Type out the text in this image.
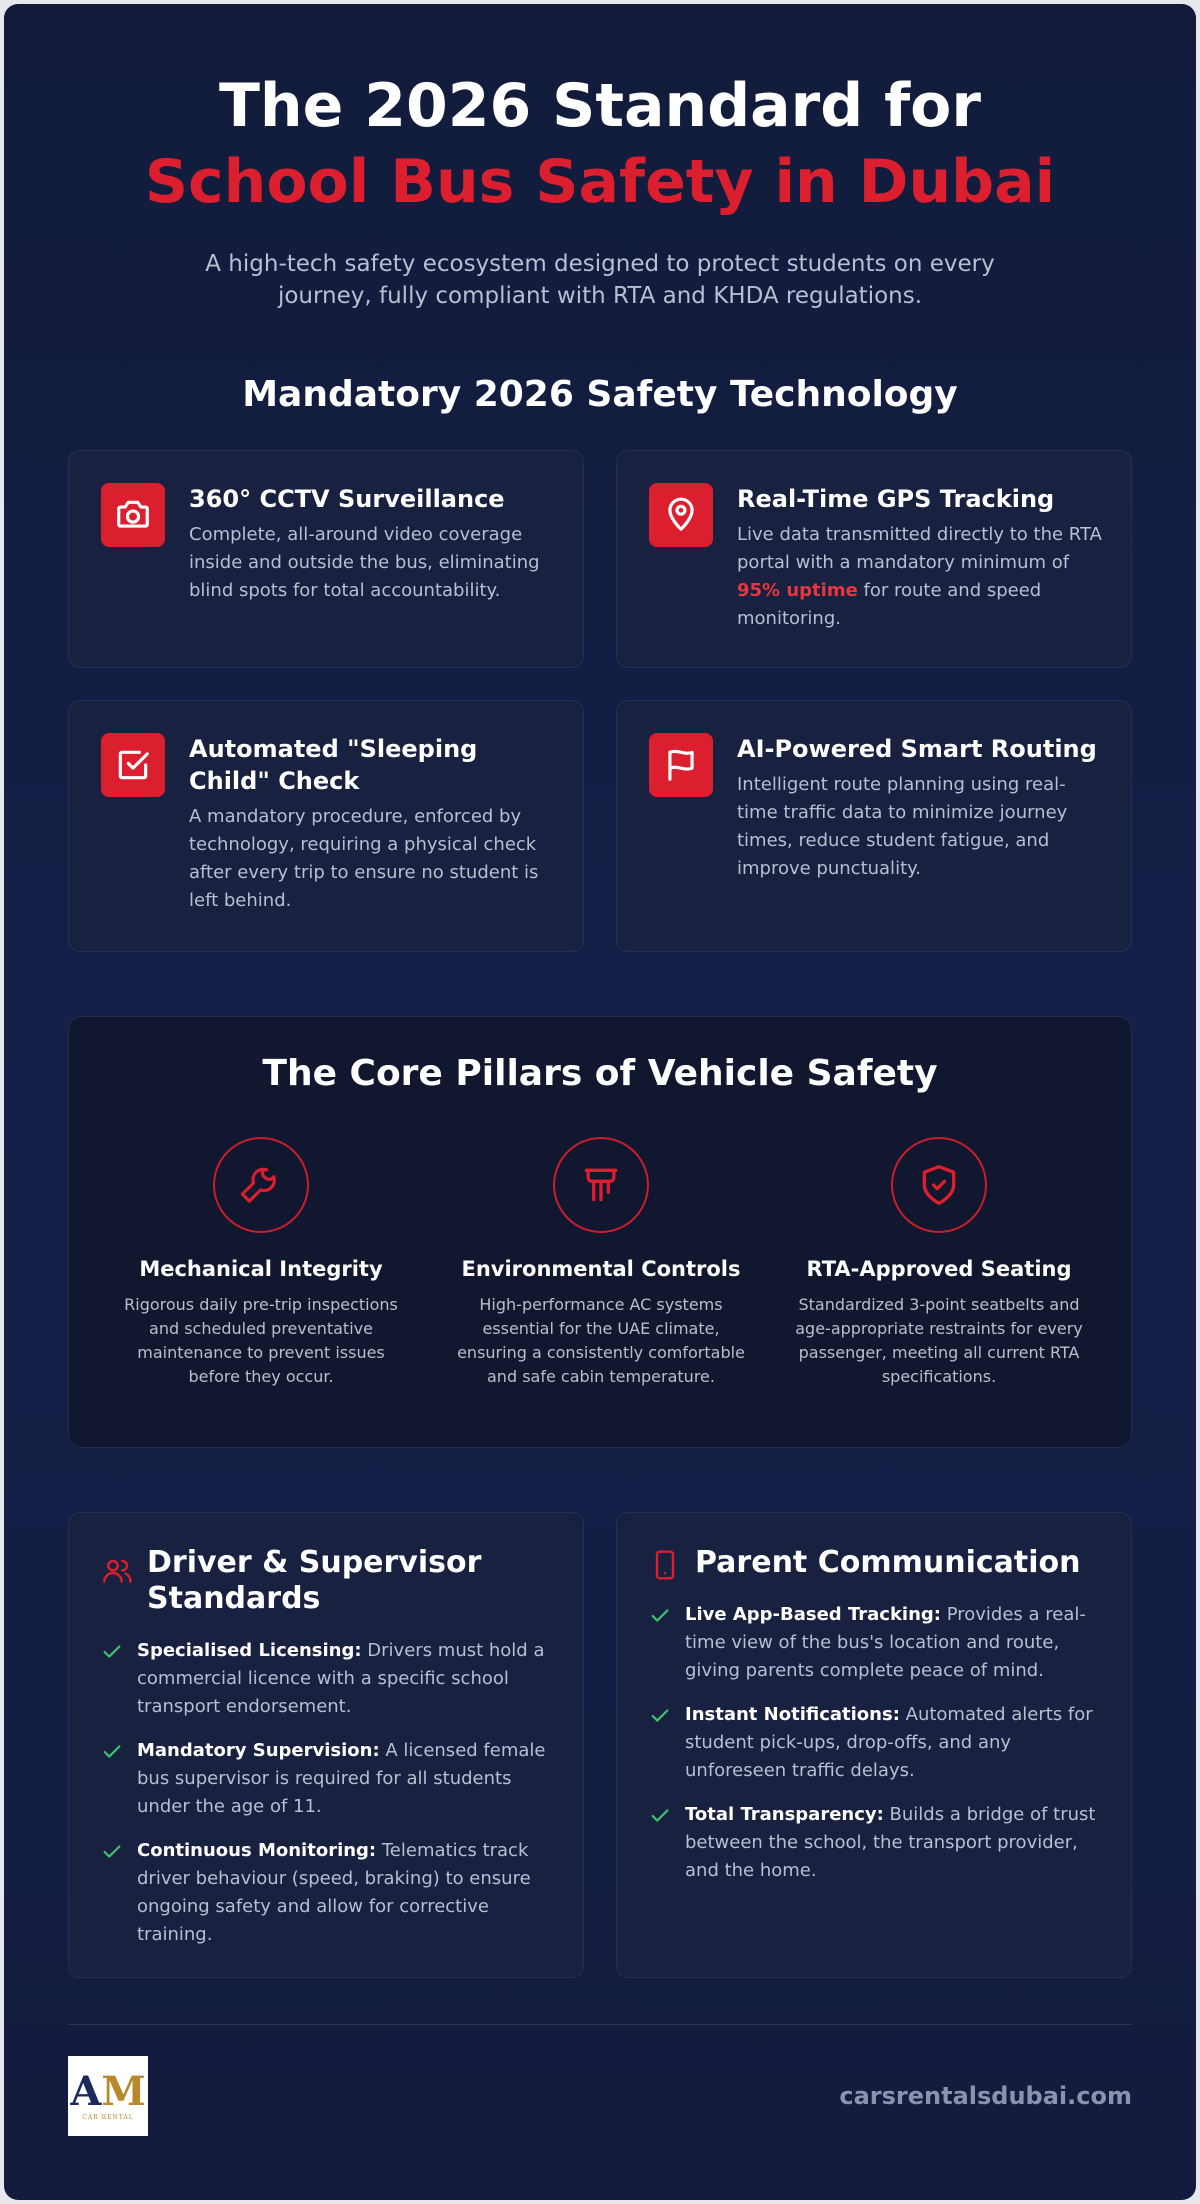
The 2026 Standard for
School Bus Safety in Dubai

A high-tech safety ecosystem designed to protect students on every journey, fully compliant with RTA and KHDA regulations.

Mandatory 2026 Safety Technology
360° CCTV Surveillance

Complete, all-around video coverage inside and outside the bus, eliminating blind spots for total accountability.

Real-Time GPS Tracking

Live data transmitted directly to the RTA portal with a mandatory minimum of 95% uptime for route and speed monitoring.

Automated "Sleeping Child" Check

A mandatory procedure, enforced by technology, requiring a physical check after every trip to ensure no student is left behind.

AI-Powered Smart Routing

Intelligent route planning using real-time traffic data to minimize journey times, reduce student fatigue, and improve punctuality.

The Core Pillars of Vehicle Safety
Mechanical Integrity

Rigorous daily pre-trip inspections and scheduled preventative maintenance to prevent issues before they occur.

Environmental Controls

High-performance AC systems essential for the UAE climate, ensuring a consistently comfortable and safe cabin temperature.

RTA-Approved Seating

Standardized 3-point seatbelts and age-appropriate restraints for every passenger, meeting all current RTA specifications.

Driver & Supervisor Standards
Specialised Licensing: Drivers must hold a commercial licence with a specific school transport endorsement.
Mandatory Supervision: A licensed female bus supervisor is required for all students under the age of 11.
Continuous Monitoring: Telematics track driver behaviour (speed, braking) to ensure ongoing safety and allow for corrective training.
Parent Communication
Live App-Based Tracking: Provides a real-time view of the bus's location and route, giving parents complete peace of mind.
Instant Notifications: Automated alerts for student pick-ups, drop-offs, and any unforeseen traffic delays.
Total Transparency: Builds a bridge of trust between the school, the transport provider, and the home.
AM
CAR RENTAL
carsrentalsdubai.com
